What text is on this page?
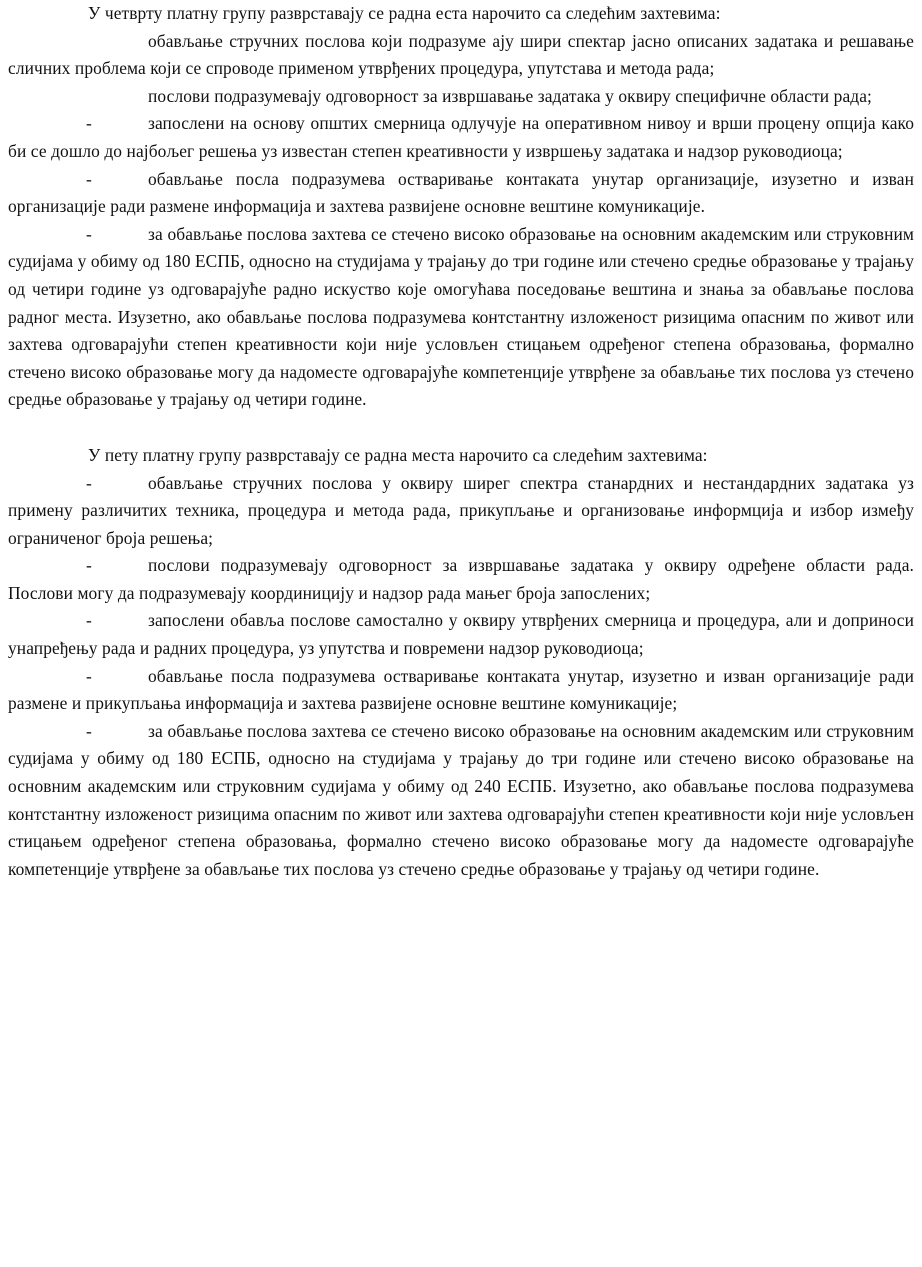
У четврту платну групу разврставају се радна еста нарочито са следећим захтевима:

обављање стручних послова који подразуме ају шири спектар јасно описаних задатака и решавање сличних проблема који се спроводе применом утврђених процедура, упутстава и метода рада;

послови подразумевају одговорност за извршавање задатака у оквиру специфичне области рада;

-	запослени на основу општих смерница одлучује на оперативном нивоу и врши процену опција како би се дошло до најбољег решења уз известан степен креативности у извршењу задатака и надзор руководиоца;

-	обављање посла подразумева остваривање контаката унутар организације, изузетно и изван организације ради размене информација и захтева развијене основне вештине комуникације.

-	за обављање послова захтева се стечено високо образовање на основним академским или струковним судијама у обиму од 180 ЕСПБ, односно на студијама у трајању до три године или стечено средње образовање у трајању од четири године уз одговарајуће радно искуство које омогућава поседовање вештина и знања за обављање послова радног места. Изузетно, ако обављање послова подразумева контстантну изложеност ризицима опасним по живот или захтева одговарајући степен креативности који није условљен стицањем одређеног степена образовања, формално стечено високо образовање могу да надоместе одговарајуће компетенције утврђене за обављање тих послова уз стечено средње образовање у трајању од четири године.

У пету платну групу разврставају се радна места нарочито са следећим захтевима:

-	обављање стручних послова у оквиру ширег спектра станардних и нестандардних задатака уз примену различитих техника, процедура и метода рада, прикупљање и организовање информција и избор између ограниченог броја решења;

-	послови подразумевају одговорност за извршавање задатака у оквиру одређене области рада. Послови могу да подразумевају координицију и надзор рада мањег броја запослених;

-	запослени обавља послове самостално у оквиру утврђених смерница и процедура, али и доприноси унапређењу рада и радних процедура, уз упутства и повремени надзор руководиоца;

-	обављање посла подразумева остваривање контаката унутар, изузетно и изван организације ради размене и прикупљања информација и захтева развијене основне вештине комуникације;

-	за обављање послова захтева се стечено високо образовање на основним академским или струковним судијама у обиму од 180 ЕСПБ, односно на студијама у трајању до три године или стечено високо образовање на основним академским или струковним судијама у обиму од 240 ЕСПБ. Изузетно, ако обављање послова подразумева контстантну изложеност ризицима опасним по живот или захтева одговарајући степен креативности који није условљен стицањем одређеног степена образовања, формално стечено високо образовање могу да надоместе одговарајуће компетенције утврђене за обављање тих послова уз стечено средње образовање у трајању од четири године.
